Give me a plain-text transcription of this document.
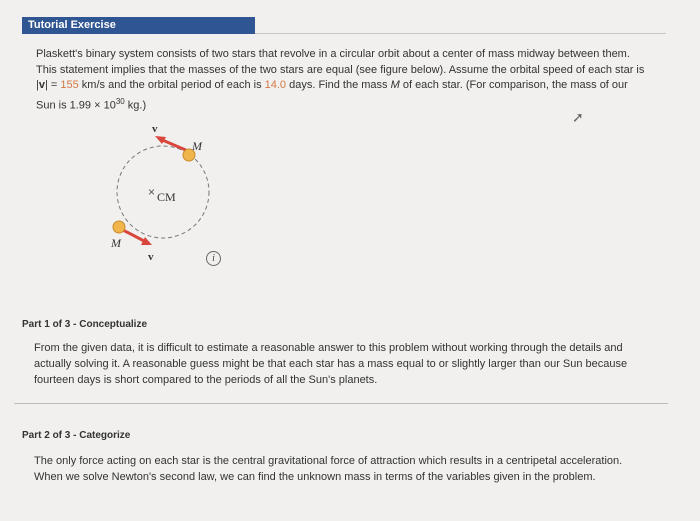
Tutorial Exercise
Plaskett's binary system consists of two stars that revolve in a circular orbit about a center of mass midway between them. This statement implies that the masses of the two stars are equal (see figure below). Assume the orbital speed of each star is |v| = 155 km/s and the orbital period of each is 14.0 days. Find the mass M of each star. (For comparison, the mass of our Sun is $1.99 \times 10^{30}$ kg.)
➚
M
v
M
v
× CM
i
Part 1 of 3 - Conceptualize
From the given data, it is difficult to estimate a reasonable answer to this problem without working through the details and actually solving it. A reasonable guess might be that each star has a mass equal to or slightly larger than our Sun because fourteen days is short compared to the periods of all the Sun's planets.
Part 2 of 3 - Categorize
The only force acting on each star is the central gravitational force of attraction which results in a centripetal acceleration. When we solve Newton's second law, we can find the unknown mass in terms of the variables given in the problem.
